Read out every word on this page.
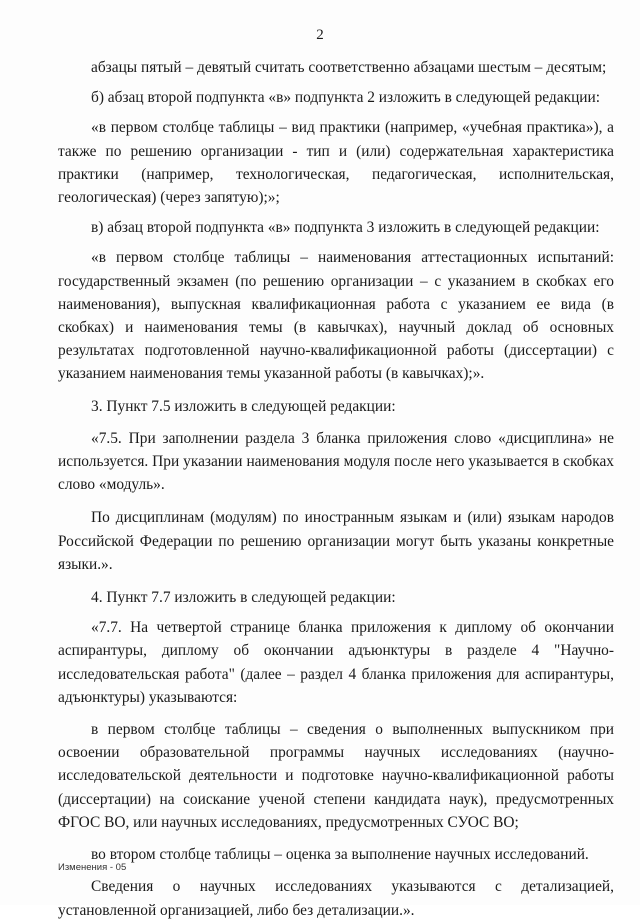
2

абзацы пятый – девятый считать соответственно абзацами шестым – десятым;

б) абзац второй подпункта «в» подпункта 2 изложить в следующей редакции:

«в первом столбце таблицы – вид практики (например, «учебная практика»), а также по решению организации - тип и (или) содержательная характеристика практики (например, технологическая, педагогическая, исполнительская, геологическая) (через запятую);»;

в) абзац второй подпункта «в» подпункта 3 изложить в следующей редакции:

«в первом столбце таблицы – наименования аттестационных испытаний: государственный экзамен (по решению организации – с указанием в скобках его наименования), выпускная квалификационная работа с указанием ее вида (в скобках) и наименования темы (в кавычках), научный доклад об основных результатах подготовленной научно-квалификационной работы (диссертации) с указанием наименования темы указанной работы (в кавычках);».

3. Пункт 7.5 изложить в следующей редакции:

«7.5. При заполнении раздела 3 бланка приложения слово «дисциплина» не используется. При указании наименования модуля после него указывается в скобках слово «модуль».

По дисциплинам (модулям) по иностранным языкам и (или) языкам народов Российской Федерации по решению организации могут быть указаны конкретные языки.».

4. Пункт 7.7 изложить в следующей редакции:

«7.7. На четвертой странице бланка приложения к диплому об окончании аспирантуры, диплому об окончании адъюнктуры в разделе 4 "Научно-исследовательская работа" (далее – раздел 4 бланка приложения для аспирантуры, адъюнктуры) указываются:

в первом столбце таблицы – сведения о выполненных выпускником при освоении образовательной программы научных исследованиях (научно-исследовательской деятельности и подготовке научно-квалификационной работы (диссертации) на соискание ученой степени кандидата наук), предусмотренных ФГОС ВО, или научных исследованиях, предусмотренных СУОС ВО;

во втором столбце таблицы – оценка за выполнение научных исследований.

Сведения о научных исследованиях указываются с детализацией, установленной организацией, либо без детализации.».

Изменения - 05
